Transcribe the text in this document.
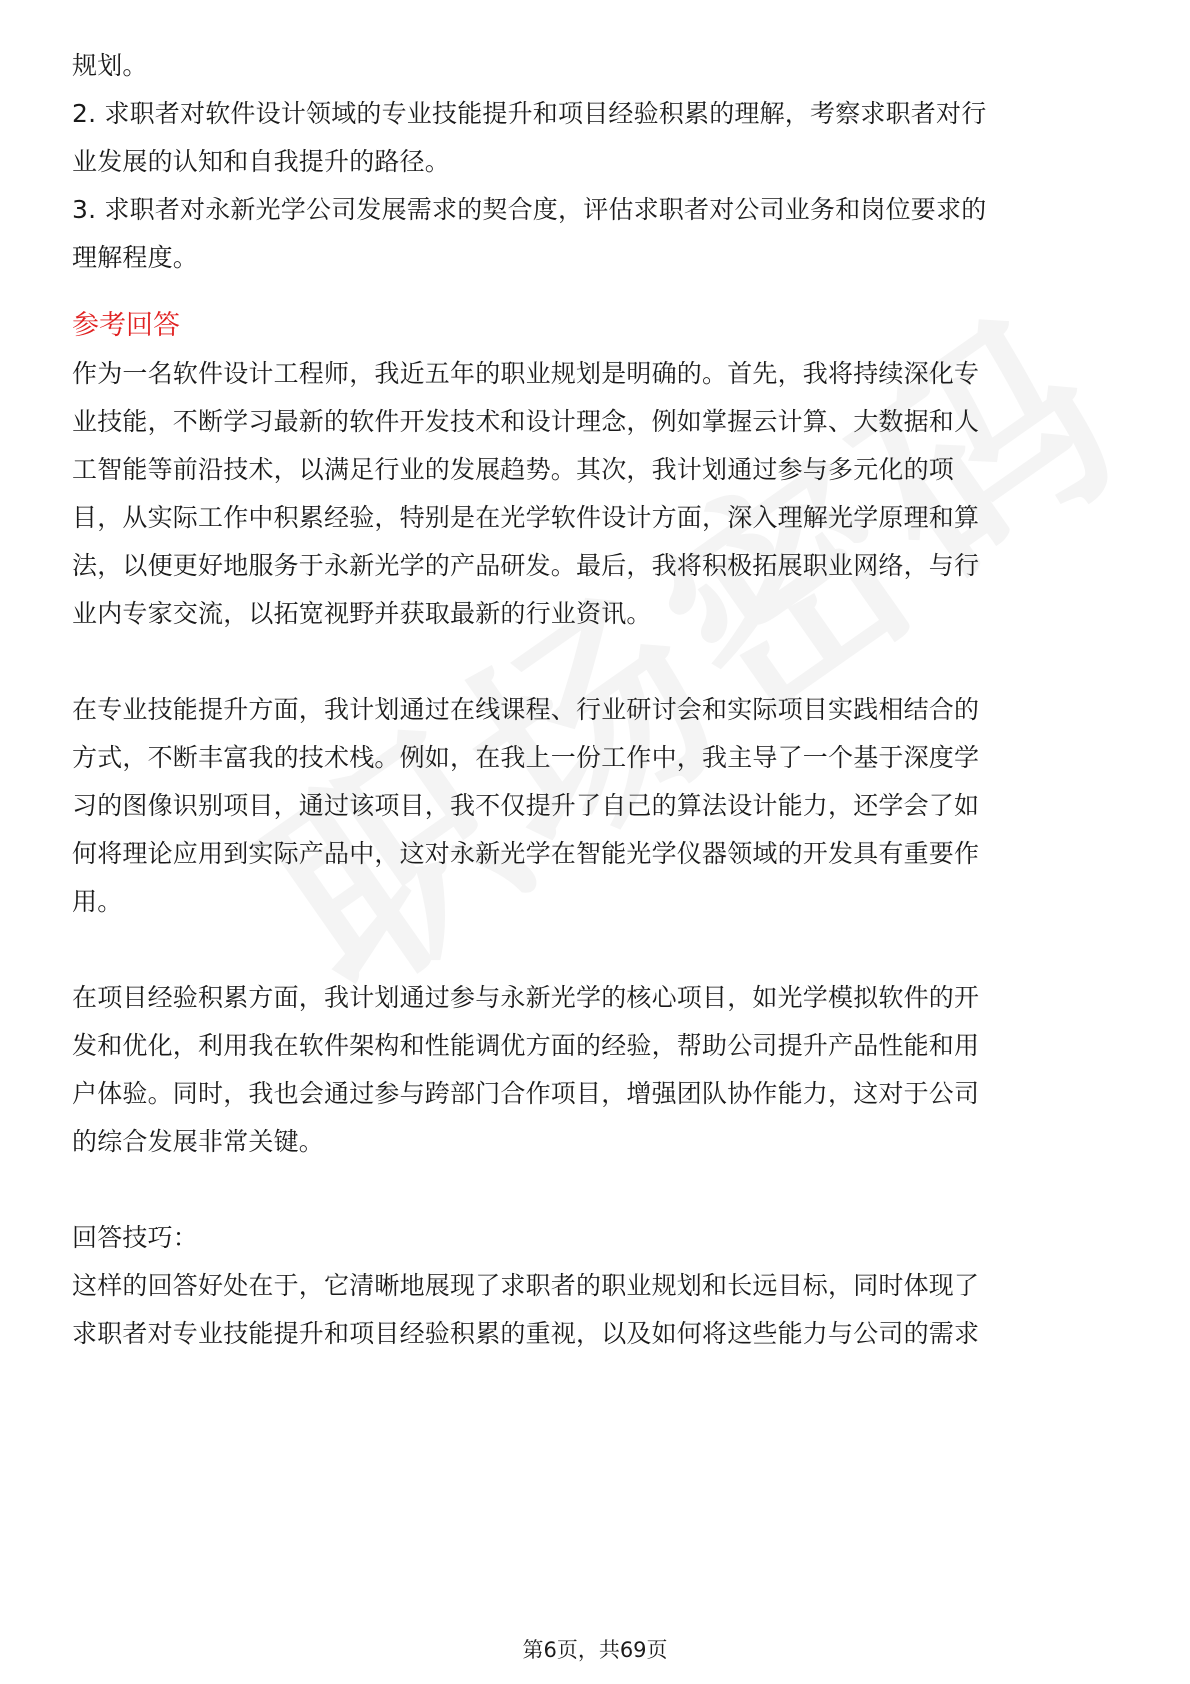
规划。
2. 求职者对软件设计领域的专业技能提升和项目经验积累的理解，考察求职者对行
业发展的认知和自我提升的路径。
3. 求职者对永新光学公司发展需求的契合度，评估求职者对公司业务和岗位要求的
理解程度。
参考回答
作为一名软件设计工程师，我近五年的职业规划是明确的。首先，我将持续深化专
业技能，不断学习最新的软件开发技术和设计理念，例如掌握云计算、大数据和人
工智能等前沿技术，以满足行业的发展趋势。其次，我计划通过参与多元化的项
目，从实际工作中积累经验，特别是在光学软件设计方面，深入理解光学原理和算
法，以便更好地服务于永新光学的产品研发。最后，我将积极拓展职业网络，与行
业内专家交流，以拓宽视野并获取最新的行业资讯。
在专业技能提升方面，我计划通过在线课程、行业研讨会和实际项目实践相结合的
方式，不断丰富我的技术栈。例如，在我上一份工作中，我主导了一个基于深度学
习的图像识别项目，通过该项目，我不仅提升了自己的算法设计能力，还学会了如
何将理论应用到实际产品中，这对永新光学在智能光学仪器领域的开发具有重要作
用。
在项目经验积累方面，我计划通过参与永新光学的核心项目，如光学模拟软件的开
发和优化，利用我在软件架构和性能调优方面的经验，帮助公司提升产品性能和用
户体验。同时，我也会通过参与跨部门合作项目，增强团队协作能力，这对于公司
的综合发展非常关键。
回答技巧：
这样的回答好处在于，它清晰地展现了求职者的职业规划和长远目标，同时体现了
求职者对专业技能提升和项目经验积累的重视，以及如何将这些能力与公司的需求
第6页，共69页
